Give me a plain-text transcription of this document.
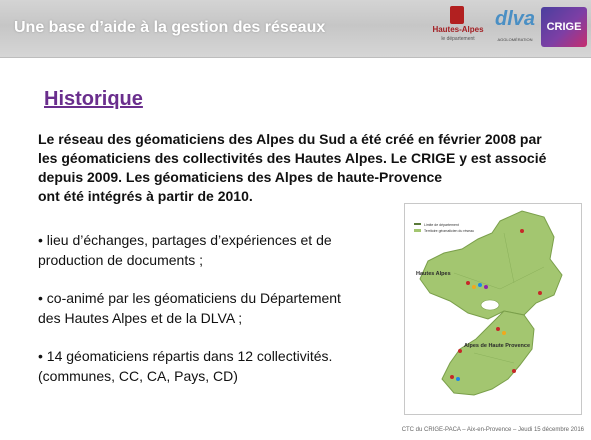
Une base d’aide à la gestion des réseaux	Hautes-Alpes
le département
dlva
AGGLOMÉRATION
CRIGE
Historique
Le réseau des géomaticiens des Alpes du Sud a été créé en février 2008 par
les géomaticiens des collectivités des Hautes Alpes. Le CRIGE y est associé
depuis 2009. Les géomaticiens des Alpes de haute-Provence
ont été intégrés à partir de 2010.
• lieu d’échanges, partages d’expériences et de
production de documents ;
• co-animé par les géomaticiens du Département
des Hautes Alpes et de la DLVA ;
• 14 géomaticiens répartis dans 12 collectivités.
(communes, CC, CA, Pays, CD)
Limite de département
Territoire géomaticien du réseau
Hautes Alpes
Alpes de Haute Provence
CTC du CRIGE-PACA – Aix-en-Provence – Jeudi 15 décembre 2016
